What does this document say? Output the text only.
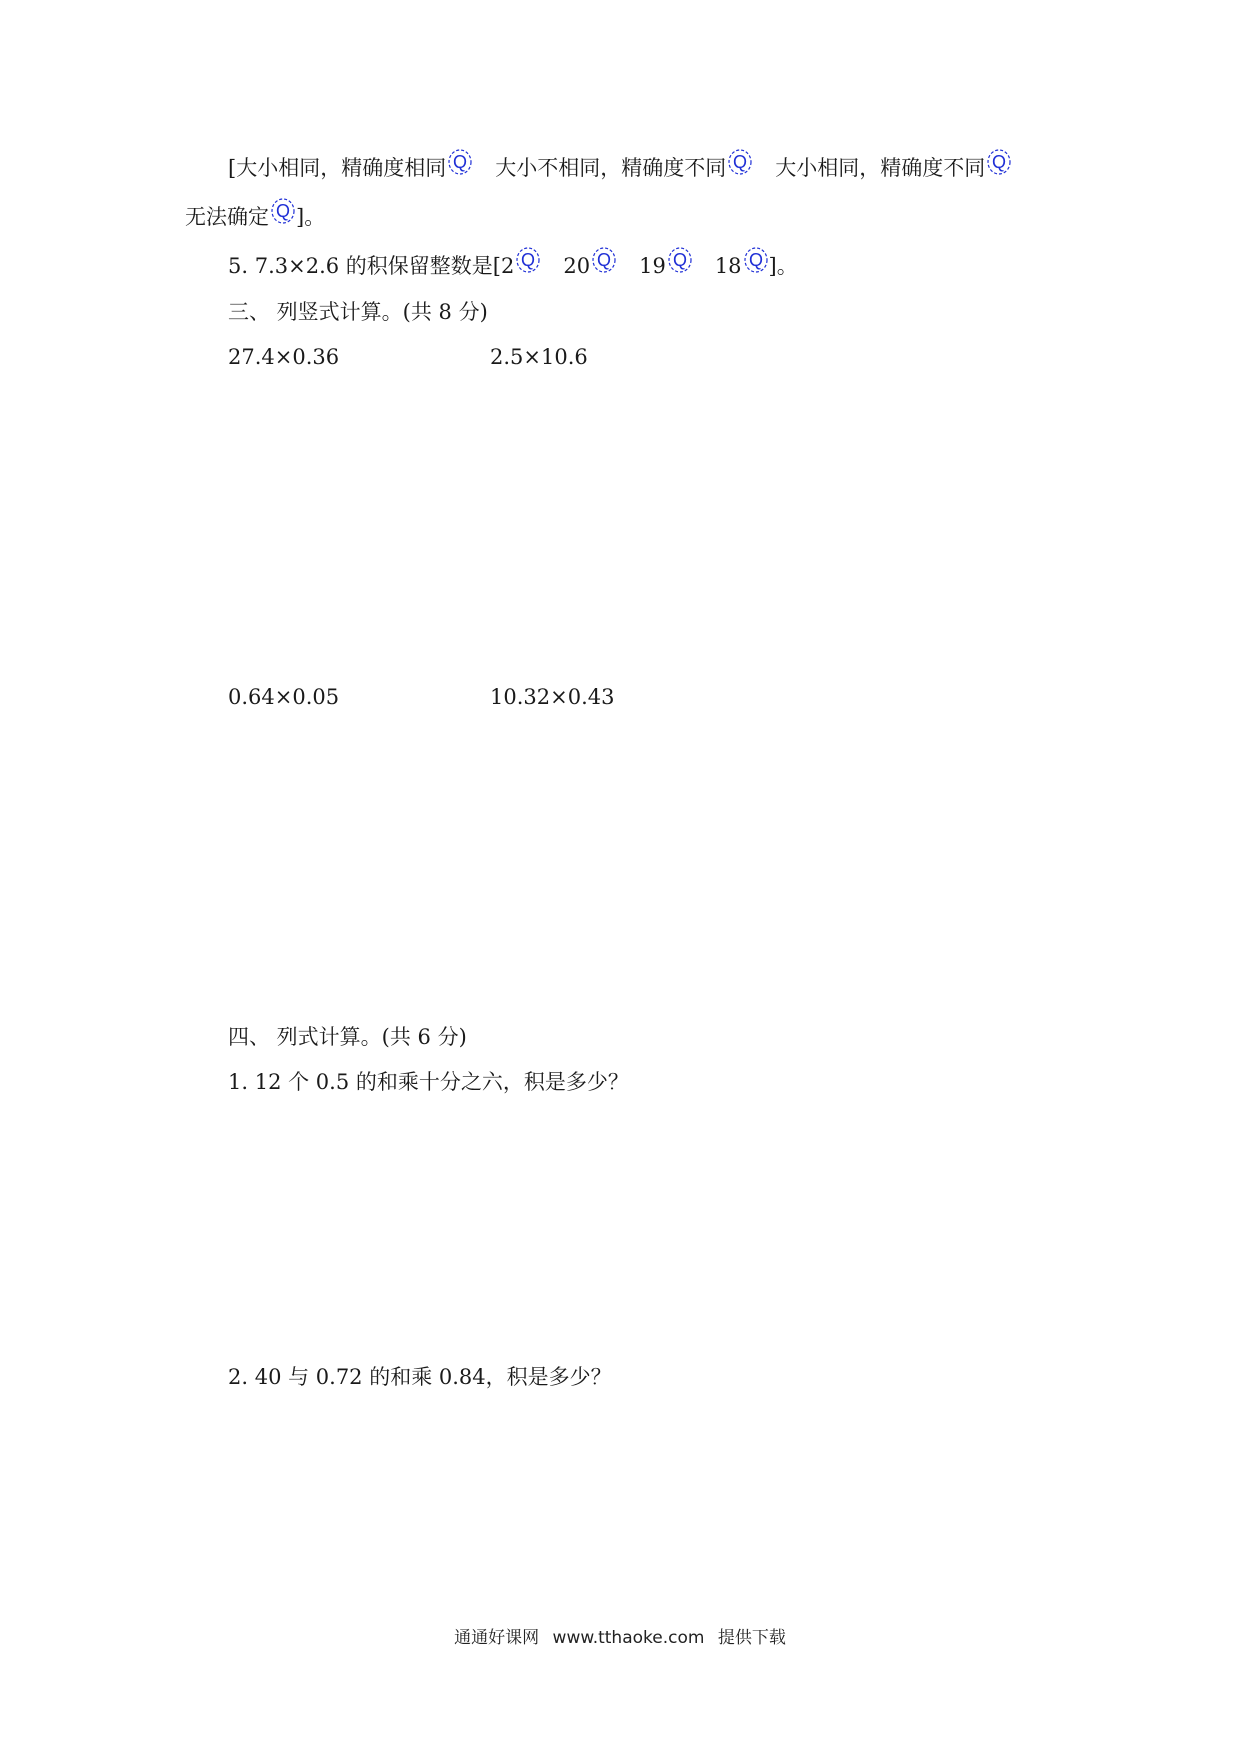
[大小相同，精确度相同 Q 大小不相同，精确度不同 Q 大小相同，精确度不同 Q
无法确定 Q ]。
5. 7.3×2.6 的积保留整数是[2 Q 20 Q 19 Q 18 Q ]。
三、 列竖式计算。(共 8 分)
27.4×0.36	2.5×10.6
0.64×0.05	10.32×0.43
四、 列式计算。(共 6 分)
1. 12 个 0.5 的和乘十分之六，积是多少？
2. 40 与 0.72 的和乘 0.84，积是多少？
通通好课网 www.tthaoke.com 提供下载
